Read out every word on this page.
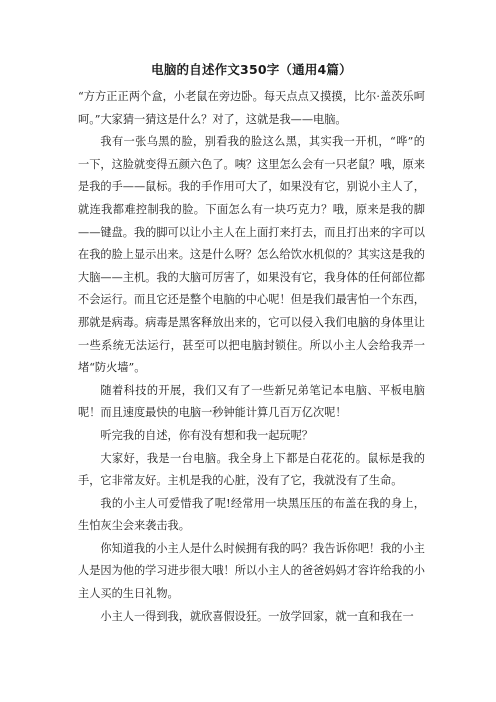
电脑的自述作文350字（通用4篇）

“方方正正两个盒，小老鼠在旁边卧。每天点点又摸摸，比尔·盖茨乐呵呵。”大家猜一猜这是什么？对了，这就是我——电脑。

我有一张乌黑的脸，别看我的脸这么黑，其实我一开机，“哗”的一下，这脸就变得五颜六色了。咦？这里怎么会有一只老鼠？哦，原来是我的手——鼠标。我的手作用可大了，如果没有它，别说小主人了，就连我都难控制我的脸。下面怎么有一块巧克力？哦，原来是我的脚——键盘。我的脚可以让小主人在上面打来打去，而且打出来的字可以在我的脸上显示出来。这是什么呀？怎么给饮水机似的？其实这是我的大脑——主机。我的大脑可厉害了，如果没有它，我身体的任何部位都不会运行。而且它还是整个电脑的中心呢！但是我们最害怕一个东西，那就是病毒。病毒是黑客释放出来的，它可以侵入我们电脑的身体里让一些系统无法运行，甚至可以把电脑封锁住。所以小主人会给我弄一堵“防火墙”。

随着科技的开展，我们又有了一些新兄弟笔记本电脑、平板电脑呢！而且速度最快的电脑一秒钟能计算几百万亿次呢！

听完我的自述，你有没有想和我一起玩呢？

大家好，我是一台电脑。我全身上下都是白花花的。鼠标是我的手，它非常友好。主机是我的心脏，没有了它，我就没有了生命。

我的小主人可爱惜我了呢!经常用一块黑压压的布盖在我的身上，生怕灰尘会来袭击我。

你知道我的小主人是什么时候拥有我的吗？我告诉你吧！我的小主人是因为他的学习进步很大哦！所以小主人的爸爸妈妈才容许给我的小主人买的生日礼物。

小主人一得到我，就欣喜假设狂。一放学回家，就一直和我在一
